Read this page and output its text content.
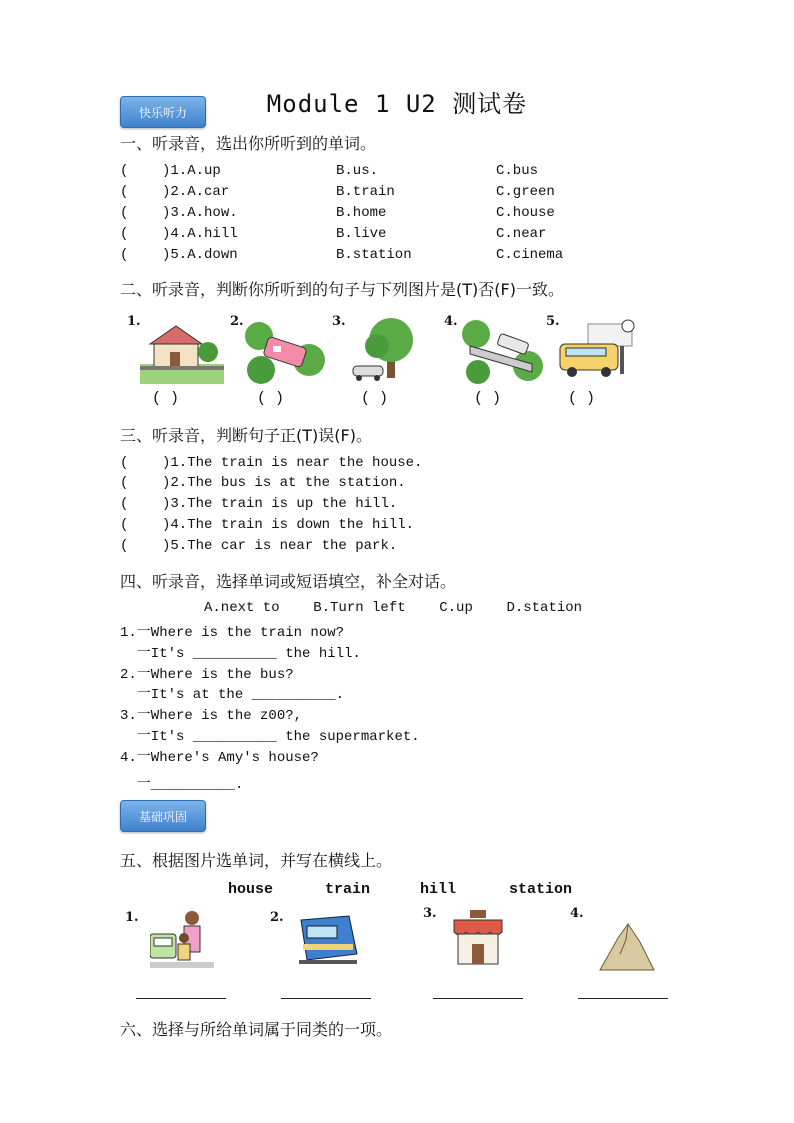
快乐听力	Module 1 U2 测试卷
一、听录音，选出你所听到的单词。
(    )1.A.up	B.us.	C.bus
(    )2.A.car	B.train	C.green
(    )3.A.how.	B.home	C.house
(    )4.A.hill	B.live	C.near
(    )5.A.down	B.station	C.cinema
二、听录音，判断你所听到的句子与下列图片是(T)否(F)一致。
1.
( )
2.
( )
3.
( )
4.
( )
5.
( )
三、听录音，判断句子正(T)误(F)。
(    )1.The train is near the house.
(    )2.The bus is at the station.
(    )3.The train is up the hill.
(    )4.The train is down the hill.
(    )5.The car is near the park.
四、听录音，选择单词或短语填空，补全对话。
A.next to    B.Turn left    C.up    D.station
1.一Where is the train now?
一It's __________ the hill.
2.一Where is the bus?
一It's at the __________.
3.一Where is the z00?,
一It's __________ the supermarket.
4.一Where's Amy's house?
一__________.
基础巩固
五、根据图片选单词，并写在横线上。
house	train	hill	station
1.	2.	3.	4.
六、选择与所给单词属于同类的一项。
